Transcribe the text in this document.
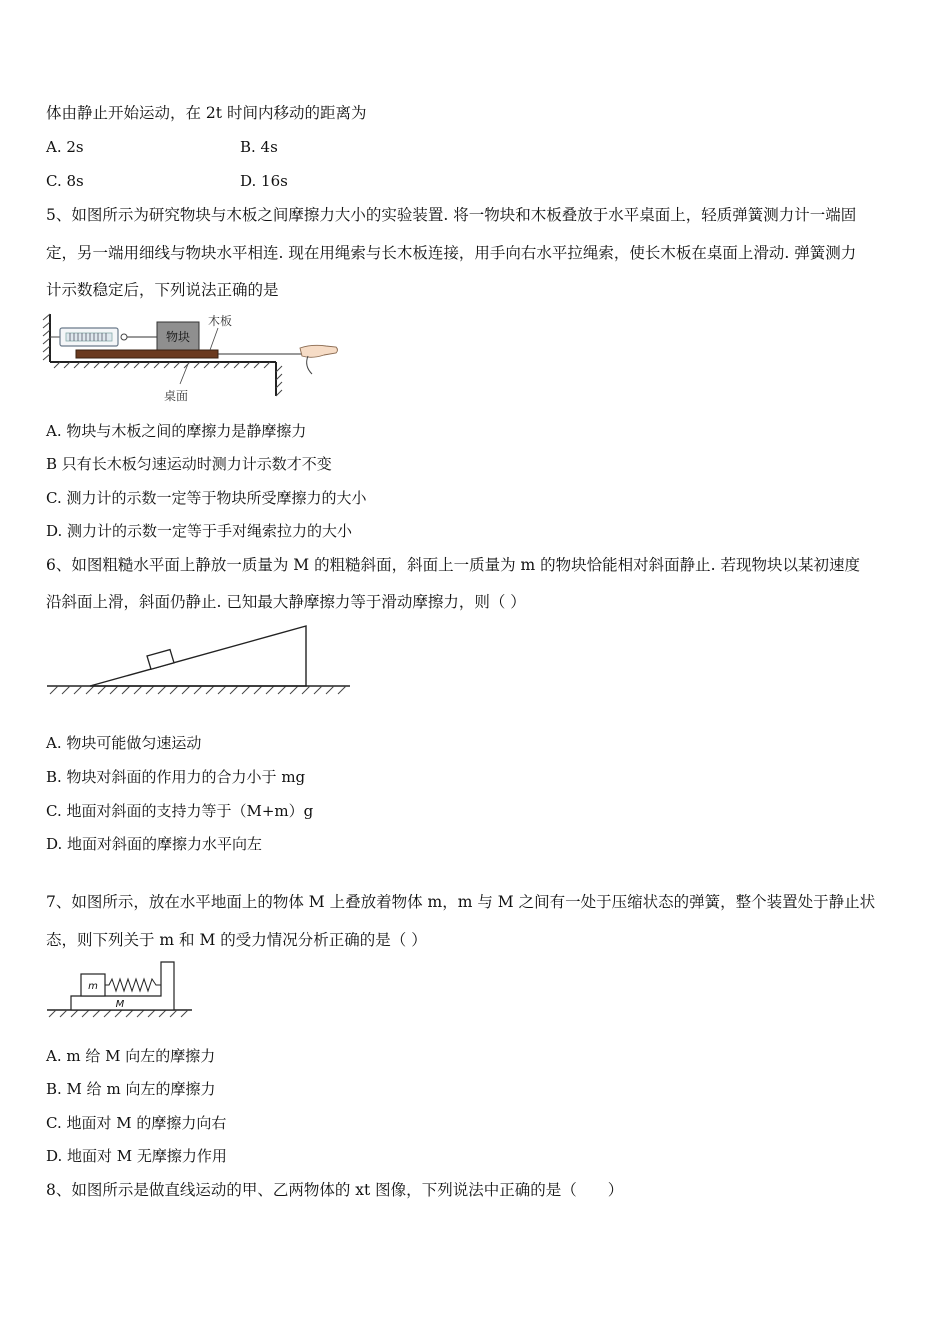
体由静止开始运动，在 2t 时间内移动的距离为
A. 2s	B. 4s
C. 8s	D. 16s
5、如图所示为研究物块与木板之间摩擦力大小的实验装置. 将一物块和木板叠放于水平桌面上，轻质弹簧测力计一端固
定，另一端用细线与物块水平相连. 现在用绳索与长木板连接，用手向右水平拉绳索，使长木板在桌面上滑动. 弹簧测力
计示数稳定后，下列说法正确的是
物块
木板
桌面
A. 物块与木板之间的摩擦力是静摩擦力
B 只有长木板匀速运动时测力计示数才不变
C. 测力计的示数一定等于物块所受摩擦力的大小
D. 测力计的示数一定等于手对绳索拉力的大小
6、如图粗糙水平面上静放一质量为 M 的粗糙斜面，斜面上一质量为 m 的物块恰能相对斜面静止. 若现物块以某初速度
沿斜面上滑，斜面仍静止. 已知最大静摩擦力等于滑动摩擦力，则（ ）
A. 物块可能做匀速运动
B. 物块对斜面的作用力的合力小于 mg
C. 地面对斜面的支持力等于（M+m）g
D. 地面对斜面的摩擦力水平向左
7、如图所示，放在水平地面上的物体 M 上叠放着物体 m，m 与 M 之间有一处于压缩状态的弹簧，整个装置处于静止状
态，则下列关于 m 和 M 的受力情况分析正确的是（ ）
M
m
A. m 给 M 向左的摩擦力
B. M 给 m 向左的摩擦力
C. 地面对 M 的摩擦力向右
D. 地面对 M 无摩擦力作用
8、如图所示是做直线运动的甲、乙两物体的 xt 图像，下列说法中正确的是（　　）
